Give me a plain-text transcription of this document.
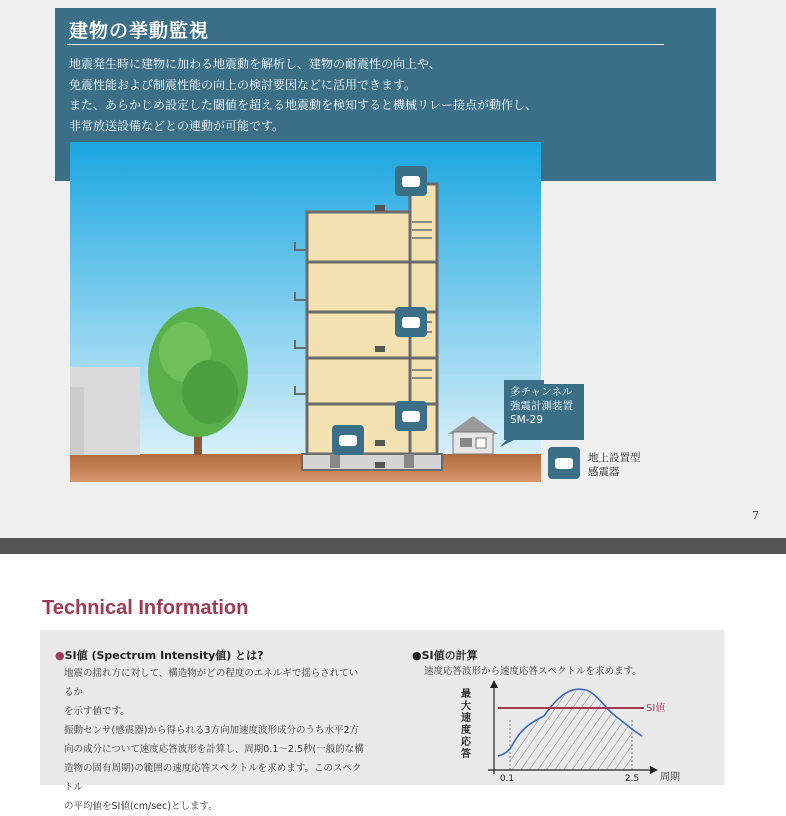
建物の挙動監視
地震発生時に建物に加わる地震動を解析し、建物の耐震性の向上や、
免震性能および制震性能の向上の検討要因などに活用できます。
また、あらかじめ設定した閾値を超える地震動を検知すると機械リレー接点が動作し、
非常放送設備などとの連動が可能です。
多チャンネル
強震計測装置
SM-29
地上設置型
感震器
7
Technical Information
●SI値 (Spectrum Intensity値) とは?
地震の揺れ方に対して、構造物がどの程度のエネルギで揺らされているか
を示す値です。
振動センサ(感震器)から得られる3方向加速度波形成分のうち水平2方
向の成分について速度応答波形を計算し、周期0.1～2.5秒(一般的な構
造物の固有周期)の範囲の速度応答スペクトルを求めます。このスペクトル
の平均値をSI値(cm/sec)とします。
●SI値の計算
速度応答波形から速度応答スペクトルを求めます。
最
大
速
度
応
答
SI値
0.1	2.5 周期
